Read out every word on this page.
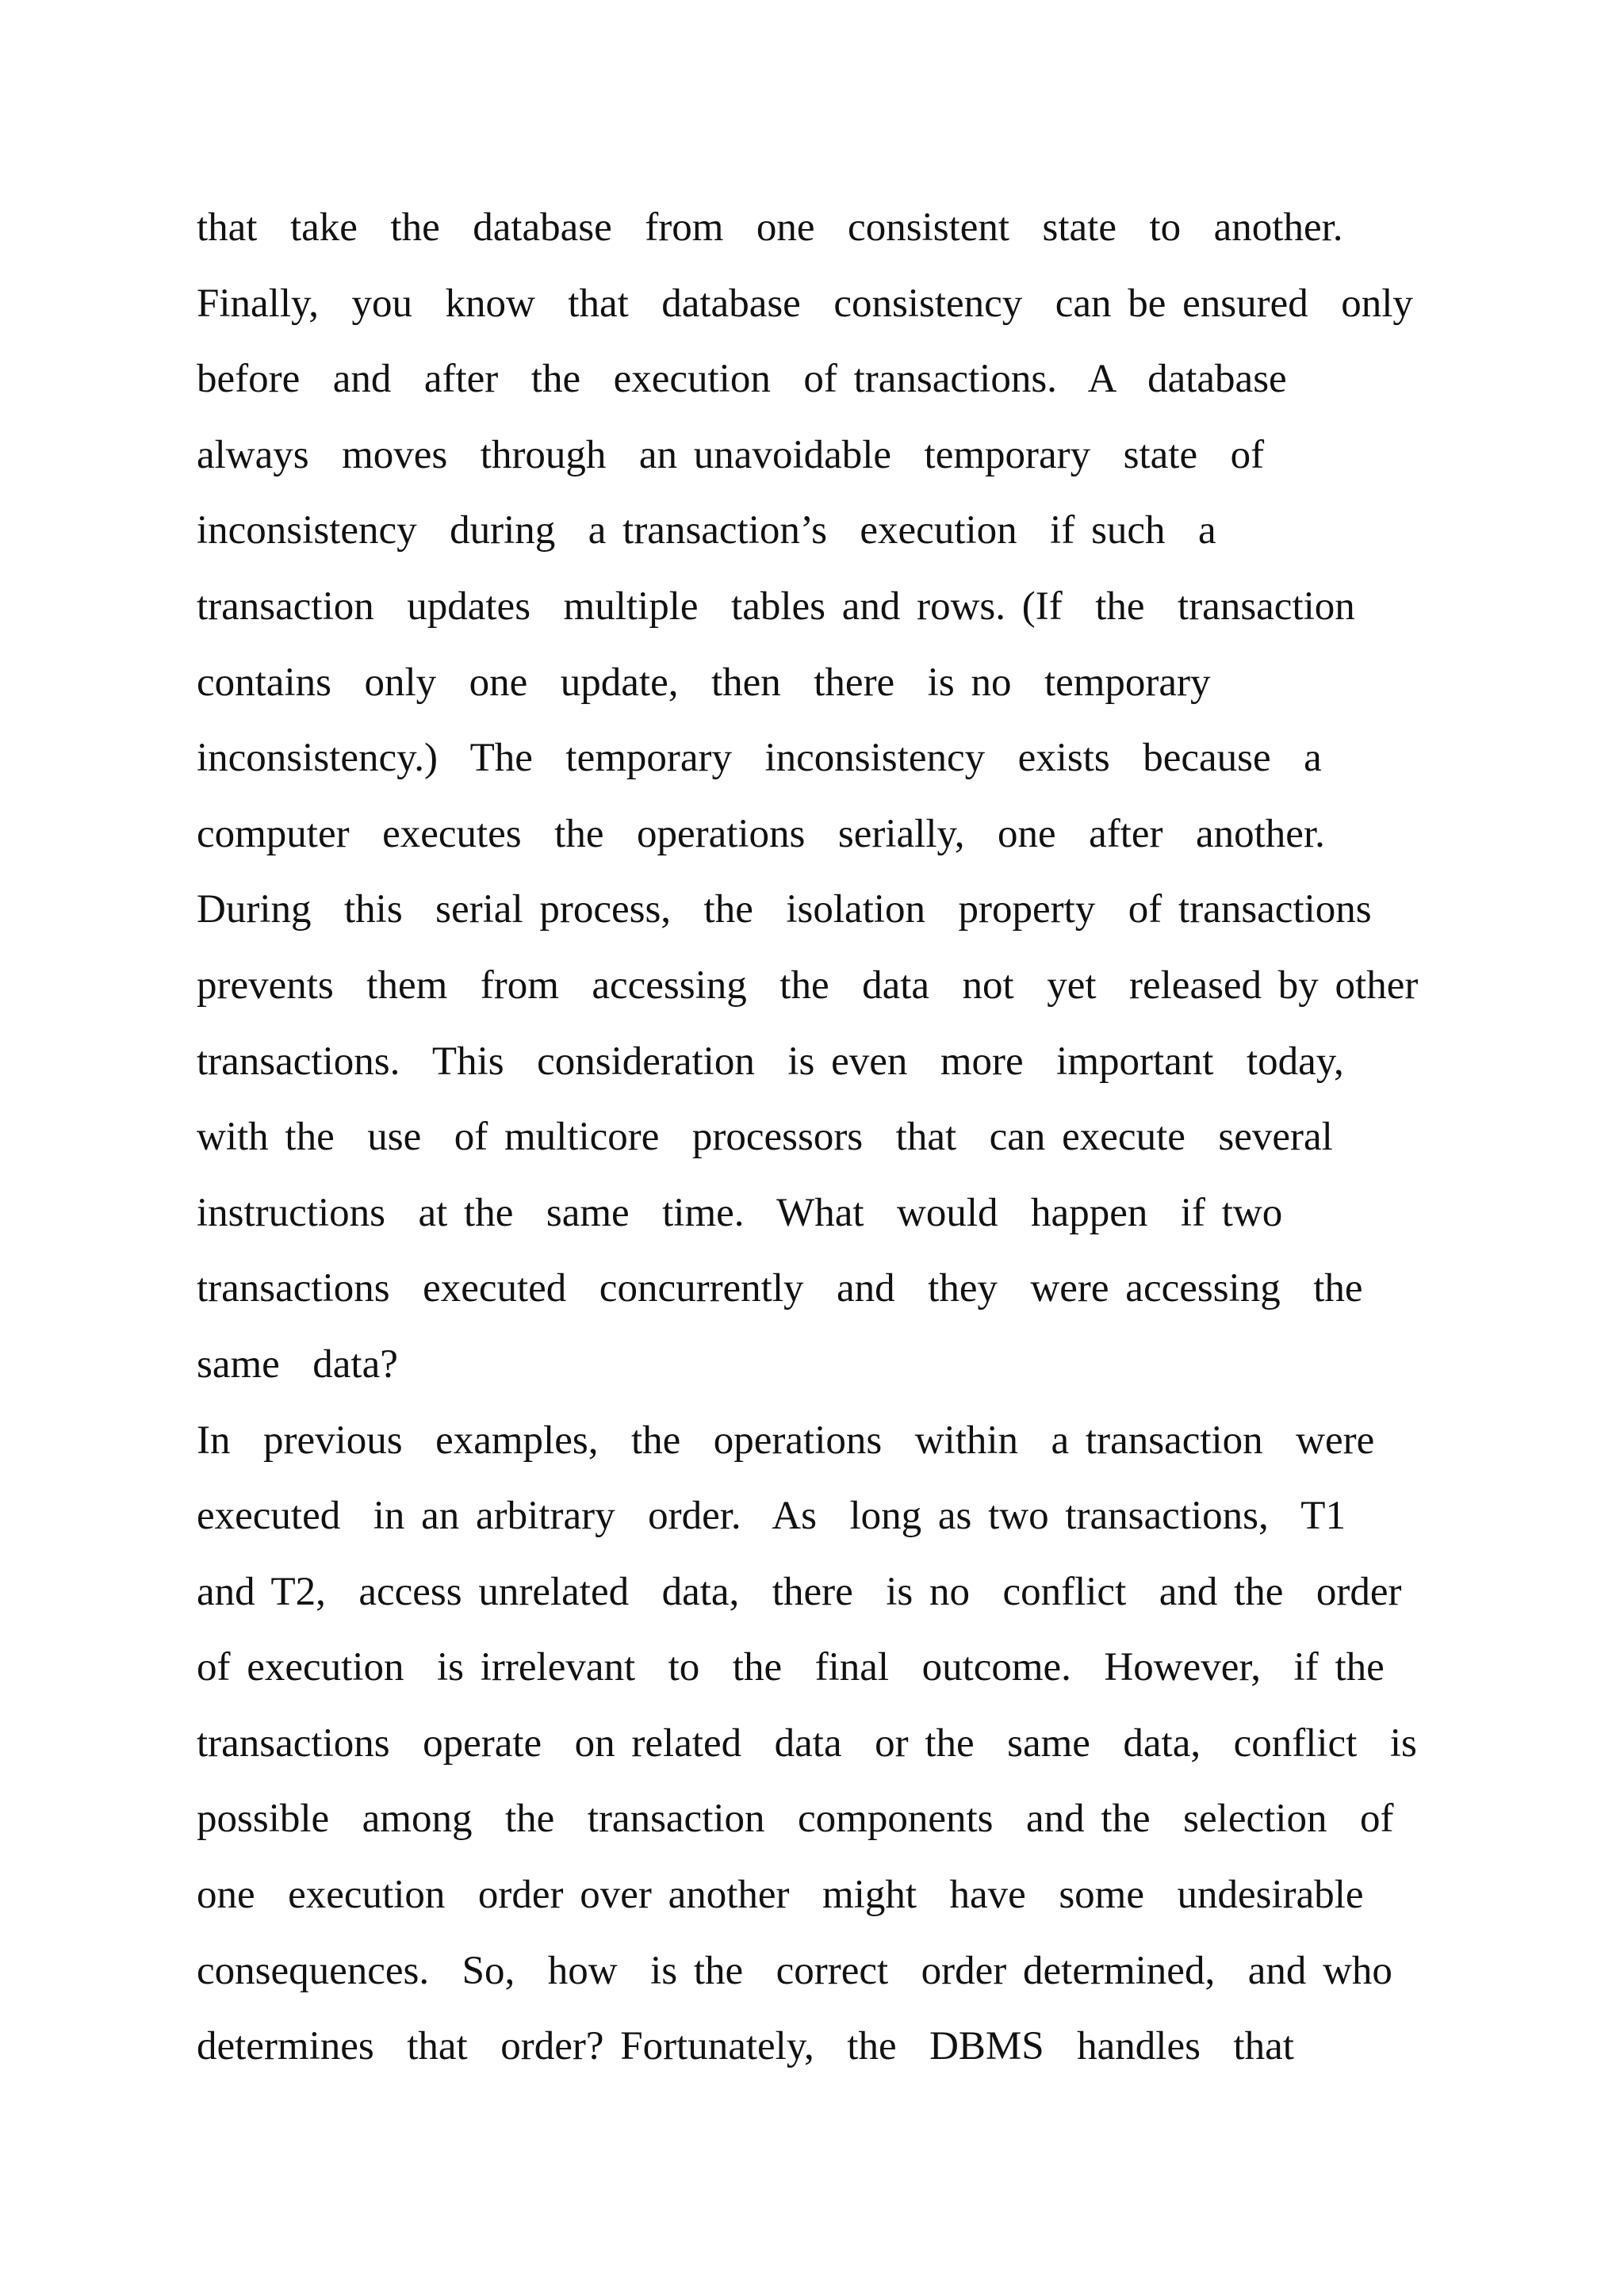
that  take  the  database  from  one  consistent  state  to  another.
Finally,  you  know  that  database  consistency  can be ensured  only
before  and  after  the  execution  of transactions.  A  database
always  moves  through  an unavoidable  temporary  state  of
inconsistency  during  a transaction’s  execution  if such  a
transaction  updates  multiple  tables and rows. (If  the  transaction
contains  only  one  update,  then  there  is no  temporary
inconsistency.)  The  temporary  inconsistency  exists  because  a
computer  executes  the  operations  serially,  one  after  another.
During  this  serial process,  the  isolation  property  of transactions
prevents  them  from  accessing  the  data  not  yet  released by other
transactions.  This  consideration  is even  more  important  today,
with the  use  of multicore  processors  that  can execute  several
instructions  at the  same  time.  What  would  happen  if two
transactions  executed  concurrently  and  they  were accessing  the
same  data?
In  previous  examples,  the  operations  within  a transaction  were
executed  in an arbitrary  order.  As  long as two transactions,  T1
and T2,  access unrelated  data,  there  is no  conflict  and the  order
of execution  is irrelevant  to  the  final  outcome.  However,  if the
transactions  operate  on related  data  or the  same  data,  conflict  is
possible  among  the  transaction  components  and the  selection  of
one  execution  order over another  might  have  some  undesirable
consequences.  So,  how  is the  correct  order determined,  and who
determines  that  order? Fortunately,  the  DBMS  handles  that
